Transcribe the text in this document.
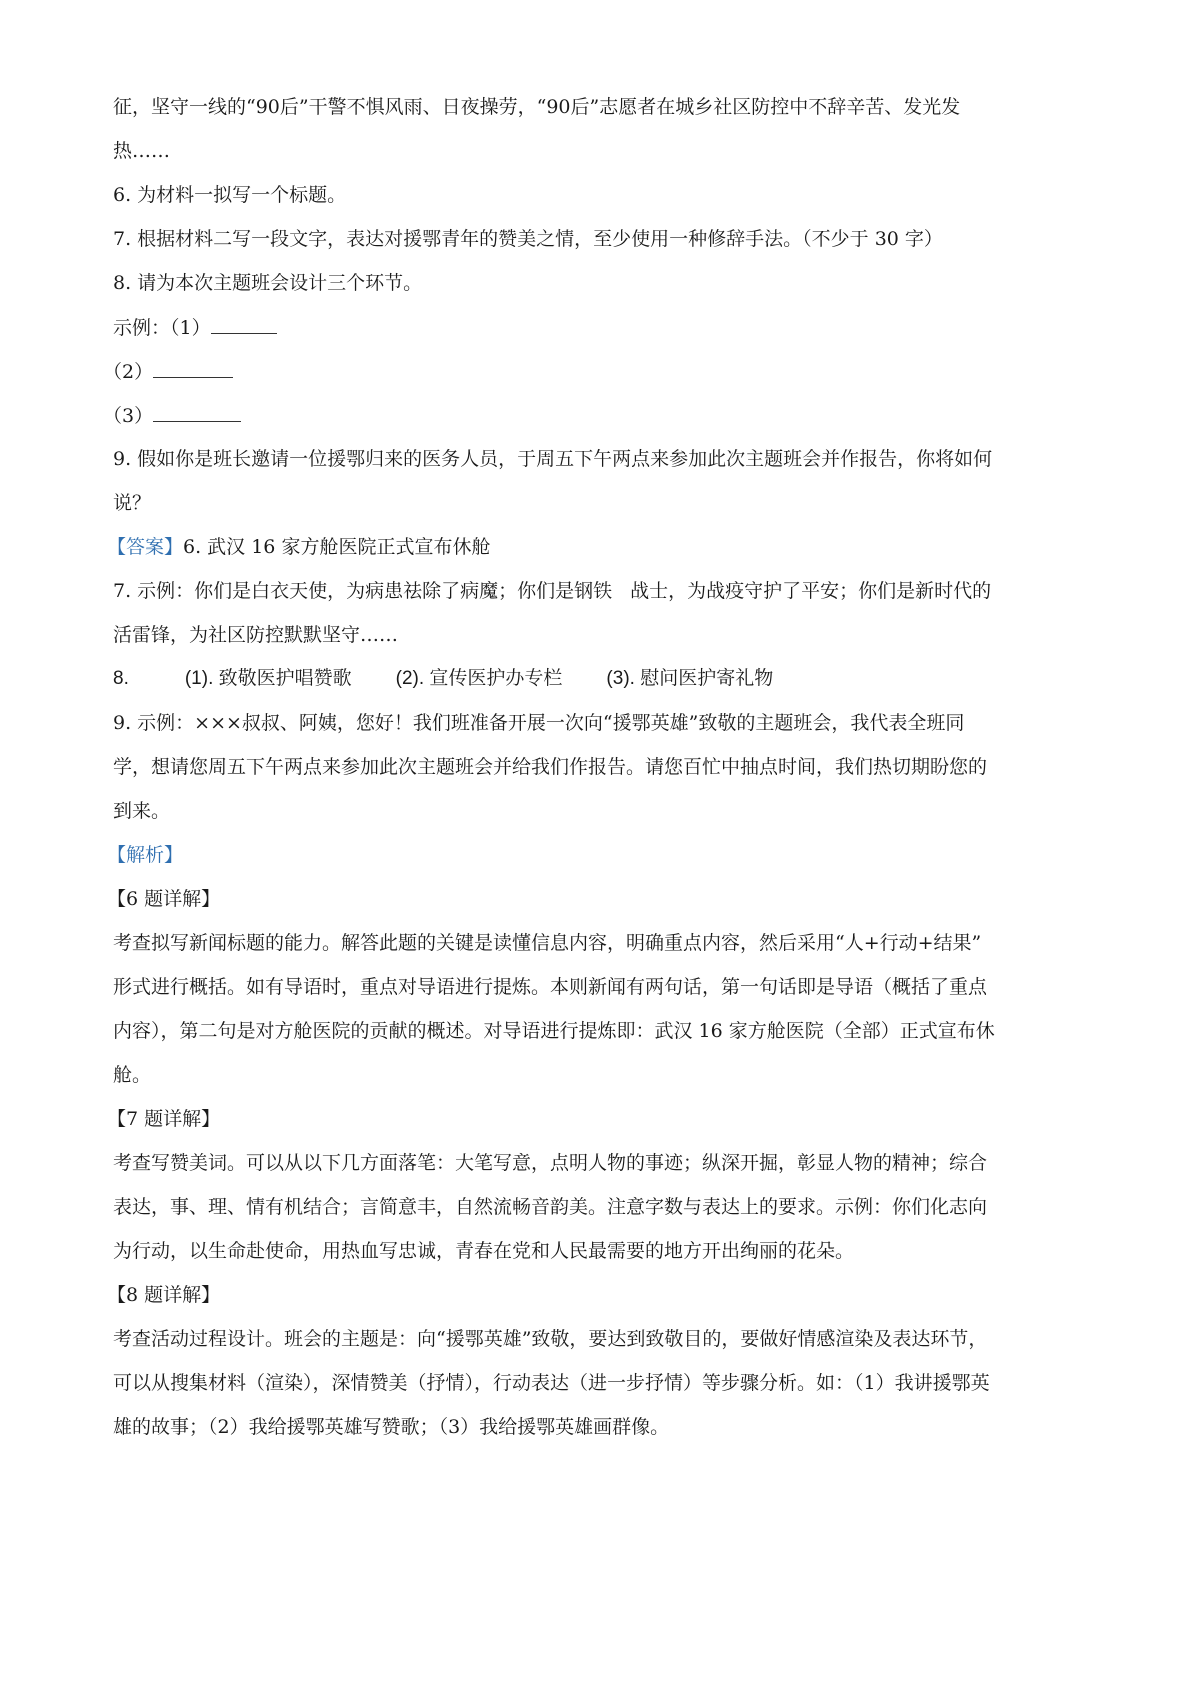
征，坚守一线的“90后”干警不惧风雨、日夜操劳，“90后”志愿者在城乡社区防控中不辞辛苦、发光发
热……
6. 为材料一拟写一个标题。
7. 根据材料二写一段文字，表达对援鄂青年的赞美之情，至少使用一种修辞手法。（不少于 30 字）
8. 请为本次主题班会设计三个环节。
示例：（1）
（2）
（3）
9. 假如你是班长邀请一位援鄂归来的医务人员，于周五下午两点来参加此次主题班会并作报告，你将如何
说？
【答案】6. 武汉 16 家方舱医院正式宣布休舱
7. 示例：你们是白衣天使，为病患祛除了病魔；你们是钢铁 战士，为战疫守护了平安；你们是新时代的
活雷锋，为社区防控默默坚守……
8.	(1). 致敬医护唱赞歌 (2). 宣传医护办专栏 (3). 慰问医护寄礼物
9. 示例：×××叔叔、阿姨，您好！我们班准备开展一次向“援鄂英雄”致敬的主题班会，我代表全班同
学，想请您周五下午两点来参加此次主题班会并给我们作报告。请您百忙中抽点时间，我们热切期盼您的
到来。
【解析】
【6 题详解】
考查拟写新闻标题的能力。解答此题的关键是读懂信息内容，明确重点内容，然后采用“人+行动+结果”
形式进行概括。如有导语时，重点对导语进行提炼。本则新闻有两句话，第一句话即是导语（概括了重点
内容），第二句是对方舱医院的贡献的概述。对导语进行提炼即：武汉 16 家方舱医院（全部）正式宣布休
舱。
【7 题详解】
考查写赞美词。可以从以下几方面落笔：大笔写意，点明人物的事迹；纵深开掘，彰显人物的精神；综合
表达，事、理、情有机结合；言简意丰，自然流畅音韵美。注意字数与表达上的要求。示例：你们化志向
为行动，以生命赴使命，用热血写忠诚，青春在党和人民最需要的地方开出绚丽的花朵。
【8 题详解】
考查活动过程设计。班会的主题是：向“援鄂英雄”致敬，要达到致敬目的，要做好情感渲染及表达环节，
可以从搜集材料（渲染），深情赞美（抒情），行动表达（进一步抒情）等步骤分析。如：（1）我讲援鄂英
雄的故事；（2）我给援鄂英雄写赞歌；（3）我给援鄂英雄画群像。
